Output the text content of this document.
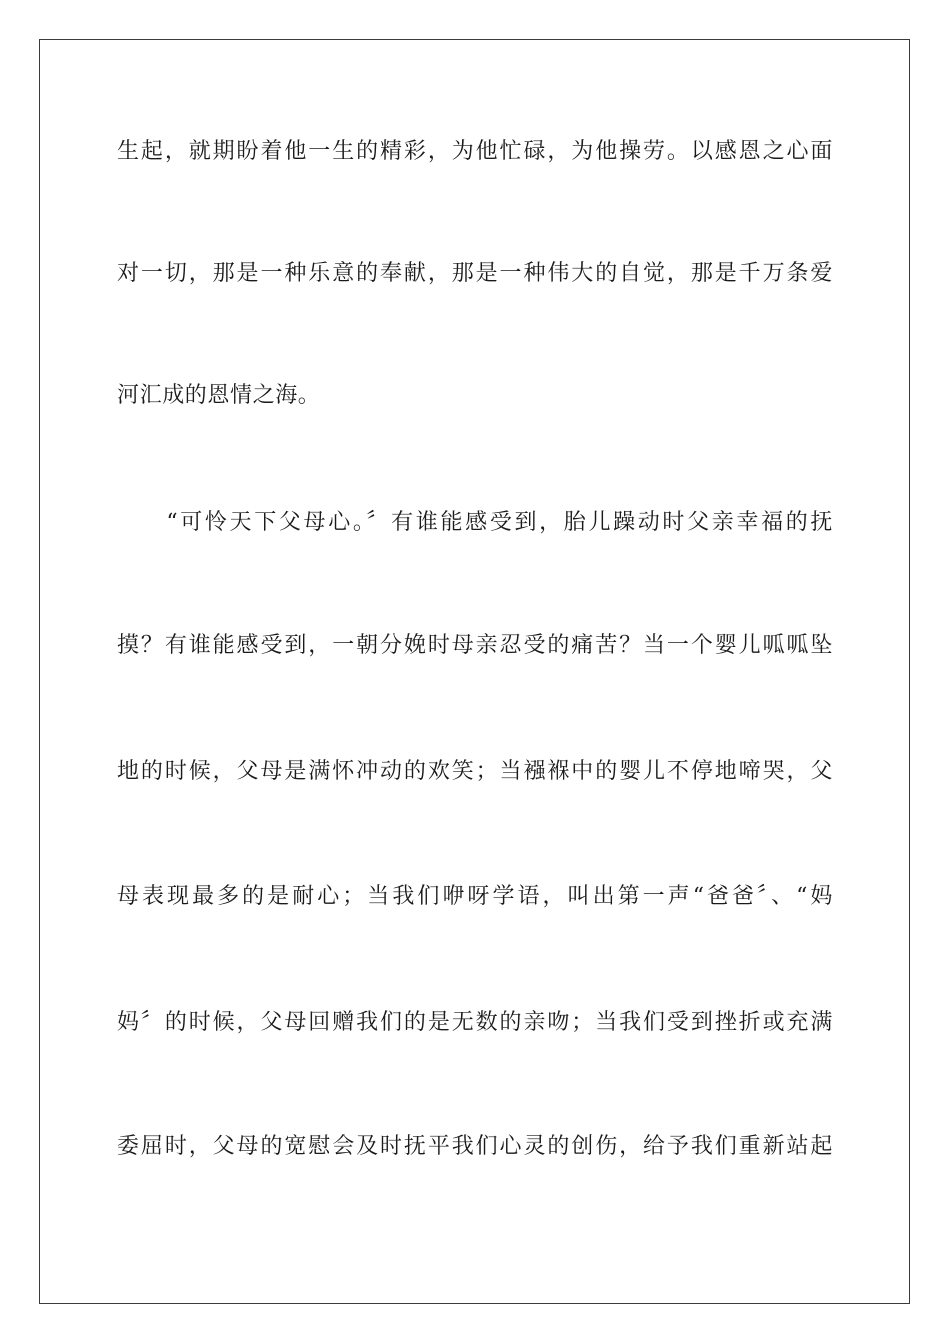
生起，就期盼着他一生的精彩，为他忙碌，为他操劳。以感恩之心面
对一切，那是一种乐意的奉献，那是一种伟大的自觉，那是千万条爱
河汇成的恩情之海。
　　“可怜天下父母心。〞有谁能感受到，胎儿躁动时父亲幸福的抚
摸？有谁能感受到，一朝分娩时母亲忍受的痛苦？当一个婴儿呱呱坠
地的时候，父母是满怀冲动的欢笑；当襁褓中的婴儿不停地啼哭，父
母表现最多的是耐心；当我们咿呀学语，叫出第一声“爸爸〞、“妈
妈〞的时候，父母回赠我们的是无数的亲吻；当我们受到挫折或充满
委屈时，父母的宽慰会及时抚平我们心灵的创伤，给予我们重新站起
